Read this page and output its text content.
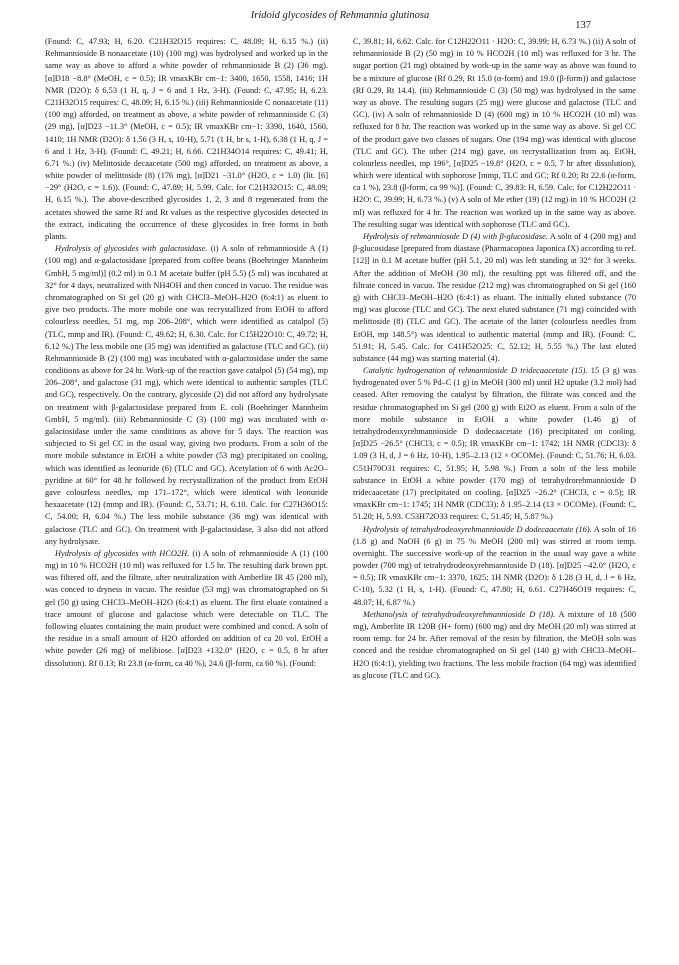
Iridoid glycosides of Rehmannia glutinosa
137

(Found: C, 47.93; H, 6.20. C21H32O15 requires: C, 48.09; H, 6.15 %.) (ii) Rehmannioside B nonaacetate (10) (100 mg) was hydrolysed and worked up in the same way as above to afford a white powder of rehmannioside B (2) (36 mg). [α]D18 −8.8° (MeOH, c = 0.5); IR νmaxKBr cm−1: 3400, 1650, 1558, 1416; 1H NMR (D2O): δ 6.53 (1 H, q, J = 6 and 1 Hz, 3-H). (Found: C, 47.95; H, 6.23. C21H32O15 requires: C, 48.09; H, 6.15 %.) (iii) Rehmannioside C nonaacetate (11) (100 mg) afforded, on treatment as above, a white powder of rehmannioside C (3) (29 mg), [α]D23 −11.3° (MeOH, c = 0.5); IR νmaxKBr cm−1: 3390, 1640, 1560, 1410; 1H NMR (D2O): δ 1.56 (3 H, s, 10-H), 5.71 (1 H, br s, 1-H), 6.38 (1 H, q, J = 6 and 1 Hz, 3-H). (Found: C, 49.21; H, 6.66. C21H34O14 requires: C, 49.41; H, 6.71 %.) (iv) Melittoside decaacetate (500 mg) afforded, on treatment as above, a white powder of melittoside (8) (176 mg), [α]D21 −31.0° (H2O, c = 1.0) (lit. [6] −29° (H2O, c = 1.6)). (Found: C, 47.89; H, 5.99. Calc. for C21H32O15: C, 48.09; H, 6.15 %.). The above-described glycosides 1, 2, 3 and 8 regenerated from the acetates showed the same Rf and Rt values as the respective glycosides detected in the extract, indicating the occurrence of these glycosides in free forms in both plants.

Hydrolysis of glycosides with galactosidase. (i) A soln of rehmannioside A (1) (100 mg) and α-galactosidase [prepared from coffee beans (Boehringer Mannheim GmbH, 5 mg/ml)] (0.2 ml) in 0.1 M acetate buffer (pH 5.5) (5 ml) was incubated at 32° for 4 days, neutralized with NH4OH and then conced in vacuo. The residue was chromatographed on Si gel (20 g) with CHCl3–MeOH–H2O (6:4:1) as eluent to give two products. The more mobile one was recrystallized from EtOH to afford colourless needles, 51 mg, mp 206–208°, which were identified as catalpol (5) (TLC, mmp and IR). (Found: C, 49.62; H, 6.30. Calc. for C15H22O10: C, 49.72; H, 6.12 %.) The less mobile one (35 mg) was identified as galactose (TLC and GC). (ii) Rehmannioside B (2) (100 mg) was incubated with α-galactosidase under the same conditions as above for 24 hr. Work-up of the reaction gave catalpol (5) (54 mg), mp 206–208°, and galactose (31 mg), which were identical to authentic samples (TLC and GC), respectively. On the contrary, glycoside (2) did not afford any hydrolysate on treatment with β-galactosidase prepared from E. coli (Boehringer Mannheim GmbH, 5 mg/ml). (iii) Rehmannioside C (3) (100 mg) was incubated with α-galactosidase under the same conditions as above for 5 days. The reaction was subjected to Si gel CC in the usual way, giving two products. From a soln of the more mobile substance in EtOH a white powder (53 mg) precipitated on cooling, which was identified as leonuride (6) (TLC and GC). Acetylation of 6 with Ac2O–pyridine at 60° for 48 hr followed by recrystallization of the product from EtOH gave colourless needles, mp 171–172°, which were identical with leonuride hexaacetate (12) (mmp and IR). (Found: C, 53.71; H, 6.10. Calc. for C27H36O15: C, 54.00; H, 6.04 %.) The less mobile substance (36 mg) was identical with galactose (TLC and GC). On treatment with β-galactosidase, 3 also did not afford any hydrolysate.

Hydrolysis of glycosides with HCO2H. (i) A soln of rehmannioside A (1) (100 mg) in 10 % HCO2H (10 ml) was refluxed for 1.5 hr. The resulting dark brown ppt. was filtered off, and the filtrate, after neutralization with Amberlite IR 45 (200 ml), was conced to dryness in vacuo. The residue (53 mg) was chromatographed on Si gel (50 g) using CHCl3–MeOH–H2O (6:4:1) as eluent. The first eluate contained a trace amount of glucose and galactose which were detectable on TLC. The following eluates containing the main product were combined and concd. A soln of the residue in a small amount of H2O afforded on addition of ca 20 vol. EtOH a white powder (26 mg) of melibiose. [α]D23 +132.0° (H2O, c = 0.5, 8 hr after dissolution). Rf 0.13; Rt 23.8 (α-form, ca 40 %), 24.6 (β-form, ca 60 %). (Found:

C, 39.81; H, 6.62. Calc. for C12H22O11 · H2O: C, 39.99; H, 6.73 %.) (ii) A soln of rehmannioside B (2) (50 mg) in 10 % HCO2H (10 ml) was refluxed for 3 hr. The sugar portion (21 mg) obtained by work-up in the same way as above was found to be a mixture of glucose (Rf 0.29, Rt 15.0 (α-form) and 19.0 (β-form)) and galactose (Rf 0.29, Rt 14.4). (iii) Rehmannioside C (3) (50 mg) was hydrolysed in the same way as above. The resulting sugars (25 mg) were glucose and galactose (TLC and GC). (iv) A soln of rehmannioside D (4) (600 mg) in 10 % HCO2H (10 ml) was refluxed for 8 hr. The reaction was worked up in the same way as above. Si gel CC of the product gave two classes of sugars. One (194 mg) was identical with glucose (TLC and GC). The other (214 mg) gave, on recrystallization from aq. EtOH, colourless needles, mp 196°, [α]D25 −19.8° (H2O, c = 0.5, 7 hr after dissolution), which were identical with sophorose [mmp, TLC and GC; Rf 0.20; Rt 22.6 (α-form, ca 1 %), 23.8 (β-form, ca 99 %)]. (Found: C, 39.83: H, 6.59. Calc. for C12H22O11 · H2O: C, 39.99; H, 6.73 %.) (v) A soln of Me ether (19) (12 mg) in 10 % HCO2H (2 ml) was refluxed for 4 hr. The reaction was worked up in the same way as above. The resulting sugar was identical with sophorose (TLC and GC).

Hydrolysis of rehmannioside D (4) with β-glucosidase. A soln of 4 (200 mg) and β-glucosidase [prepared from diastase (Pharmacopoea Japonica IX) according to ref. [12]] in 0.1 M acetate buffer (pH 5.1, 20 ml) was left standing at 32° for 3 weeks. After the addition of MeOH (30 ml), the resulting ppt was filtered off, and the filtrate conced in vacuo. The residue (212 mg) was chromatographed on Si gel (160 g) with CHCl3–MeOH–H2O (6:4:1) as eluant. The initially eluted substance (70 mg) was glucose (TLC and GC). The next eluted substance (71 mg) coincided with melittoside (8) (TLC and GC). The acetate of the latter (colourless needles from EtOH, mp 148.5°) was identical to authentic material (mmp and IR). (Found: C, 51.91; H, 5.45. Calc. for C41H52O25: C, 52.12; H, 5.55 %.) The last eluted substance (44 mg) was starting material (4).

Catalytic hydrogenation of rehmannioside D tridecaacetate (15). 15 (3 g) was hydrogenated over 5 % Pd–C (1 g) in MeOH (300 ml) until H2 uptake (3.2 mol) had ceased. After removing the catalyst by filtration, the filtrate was conced and the residue chromatographed on Si gel (200 g) with Et2O as eluent. From a soln of the more mobile substance in EtOH a white powder (1.46 g) of tetrahydrodeoxyrehmannioside D dodecaacetate (16) precipitated on cooling. [α]D25 −26.5° (CHCl3, c = 0.5); IR νmaxKBr cm−1: 1742; 1H NMR (CDCl3): δ 1.09 (3 H, d, J = 6 Hz, 10-H), 1.95–2.13 (12 × OCOMe). (Found: C, 51.76; H, 6.03. C51H70O31 requires: C, 51.95; H, 5.98 %.) From a soln of the less mobile substance in EtOH a white powder (170 mg) of tetrahydrorehmannioside D tridecaacetate (17) precipitated on cooling. [α]D25 −26.2° (CHCl3, c = 0.5); IR νmaxKBr cm−1: 1745; 1H NMR (CDCl3): δ 1.95–2.14 (13 × OCOMe). (Found: C, 51.20; H, 5.93. C53H72O33 requires: C, 51.45; H, 5.87 %.)

Hydrolysis of tetrahydrodeoxyrehmannioside D dodecaacetate (16). A soln of 16 (1.8 g) and NaOH (6 g) in 75 % MeOH (200 ml) was stirred at room temp. overnight. The successive work-up of the reaction in the usual way gave a white powder (700 mg) of tetrahydrodeoxyrehmannioside D (18). [α]D25 −42.0° (H2O, c = 0.5); IR νmaxKBr cm−1: 3370, 1625; 1H NMR (D2O): δ 1.28 (3 H, d, J = 6 Hz, C-10), 5.32 (1 H, s, 1-H). (Found: C, 47.80; H, 6.61. C27H46O19 requires: C, 48.07; H, 6.87 %.)

Methanolysis of tetrahydrodeoxyrehmannioside D (18). A mixture of 18 (500 mg), Amberlite IR 120B (H+ form) (600 mg) and dry MeOH (20 ml) was stirred at room temp. for 24 hr. After removal of the resin by filtration, the MeOH soln was conced and the residue chromatographed on Si gel (140 g) with CHCl3–MeOH–H2O (6:4:1), yielding two fractions. The less mobile fraction (64 mg) was identified as glucose (TLC and GC).
